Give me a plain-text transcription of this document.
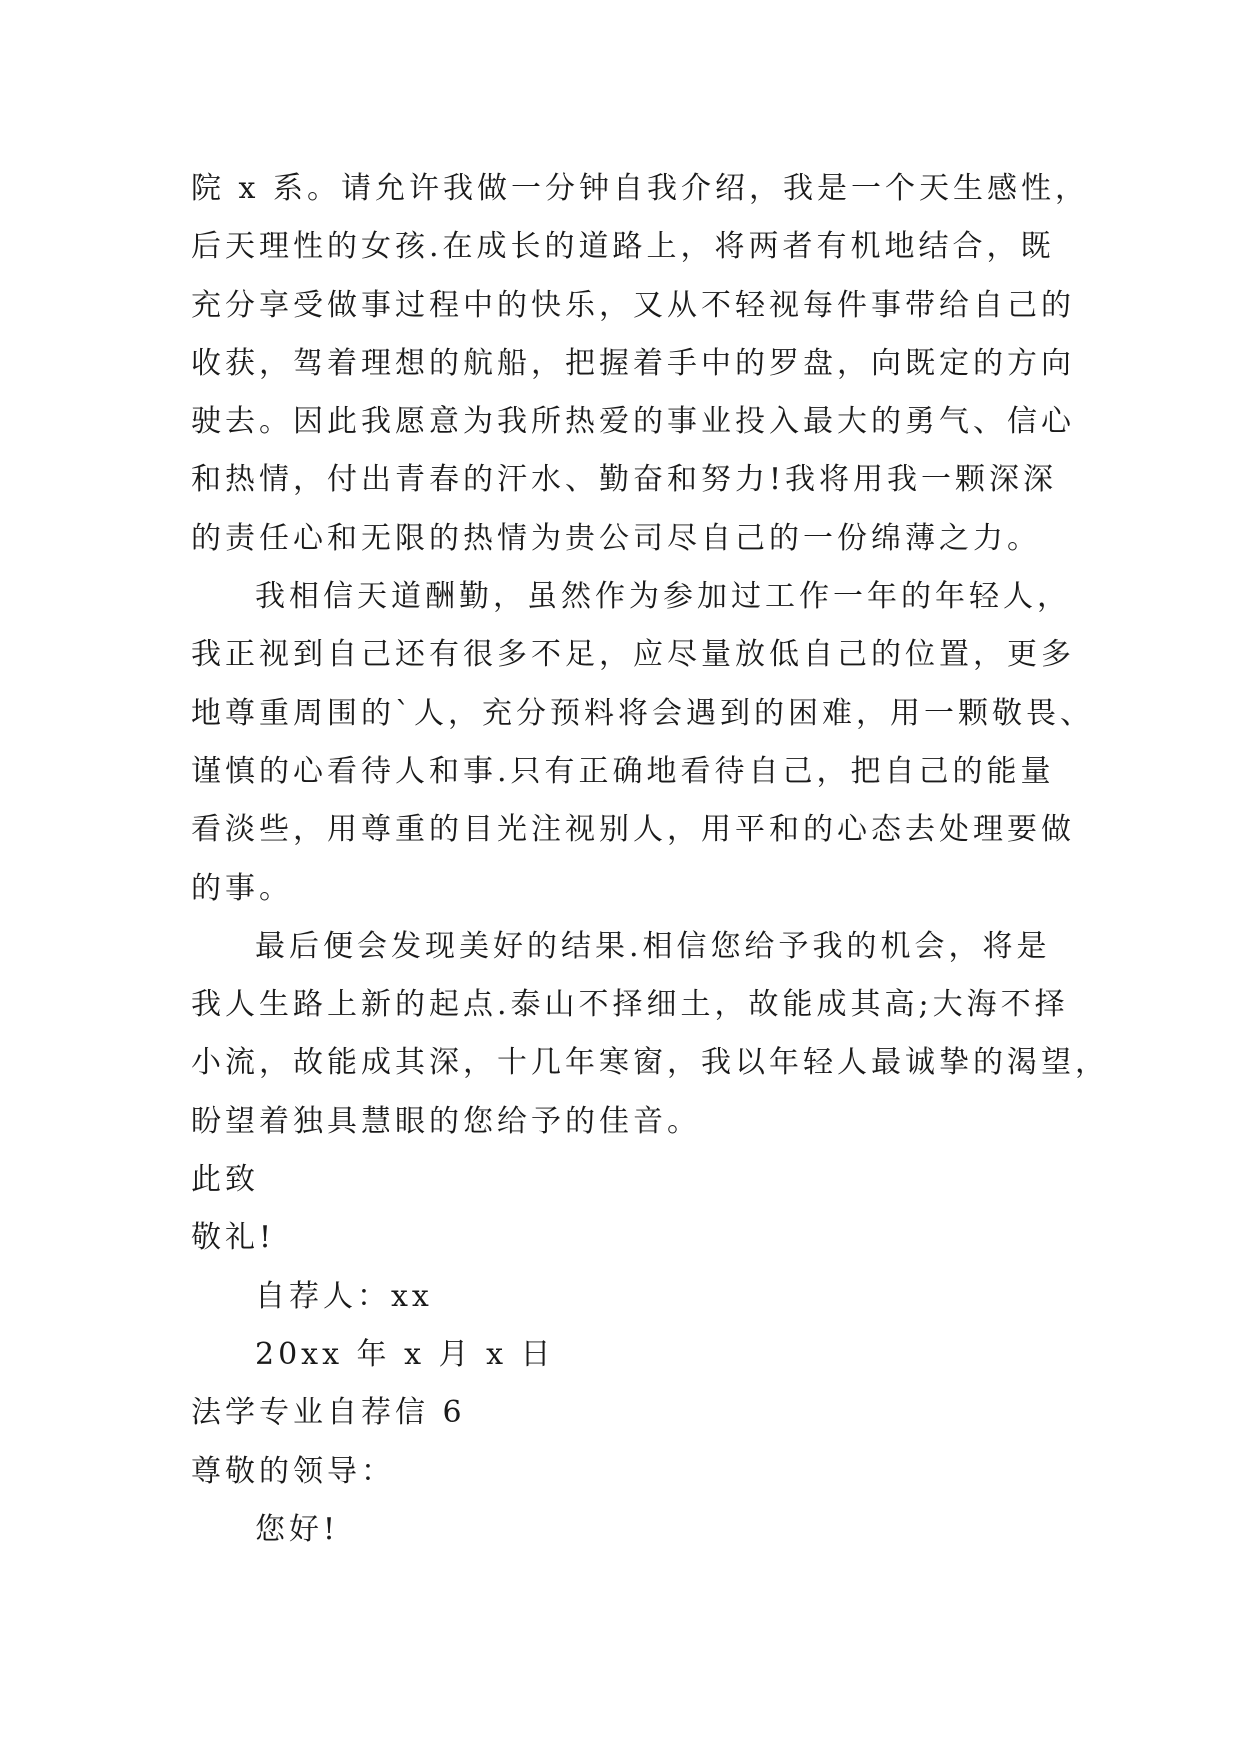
院 x 系。请允许我做一分钟自我介绍，我是一个天生感性，
后天理性的女孩.在成长的道路上，将两者有机地结合，既
充分享受做事过程中的快乐，又从不轻视每件事带给自己的
收获，驾着理想的航船，把握着手中的罗盘，向既定的方向
驶去。因此我愿意为我所热爱的事业投入最大的勇气、信心
和热情，付出青春的汗水、勤奋和努力!我将用我一颗深深
的责任心和无限的热情为贵公司尽自己的一份绵薄之力。
我相信天道酬勤，虽然作为参加过工作一年的年轻人，
我正视到自己还有很多不足，应尽量放低自己的位置，更多
地尊重周围的`人，充分预料将会遇到的困难，用一颗敬畏、
谨慎的心看待人和事.只有正确地看待自己，把自己的能量
看淡些，用尊重的目光注视别人，用平和的心态去处理要做
的事。
最后便会发现美好的结果.相信您给予我的机会，将是
我人生路上新的起点.泰山不择细土，故能成其高;大海不择
小流，故能成其深，十几年寒窗，我以年轻人最诚挚的渴望，
盼望着独具慧眼的您给予的佳音。
此致
敬礼!
自荐人：xx
20xx 年 x 月 x 日
法学专业自荐信 6
尊敬的领导：
您好!
